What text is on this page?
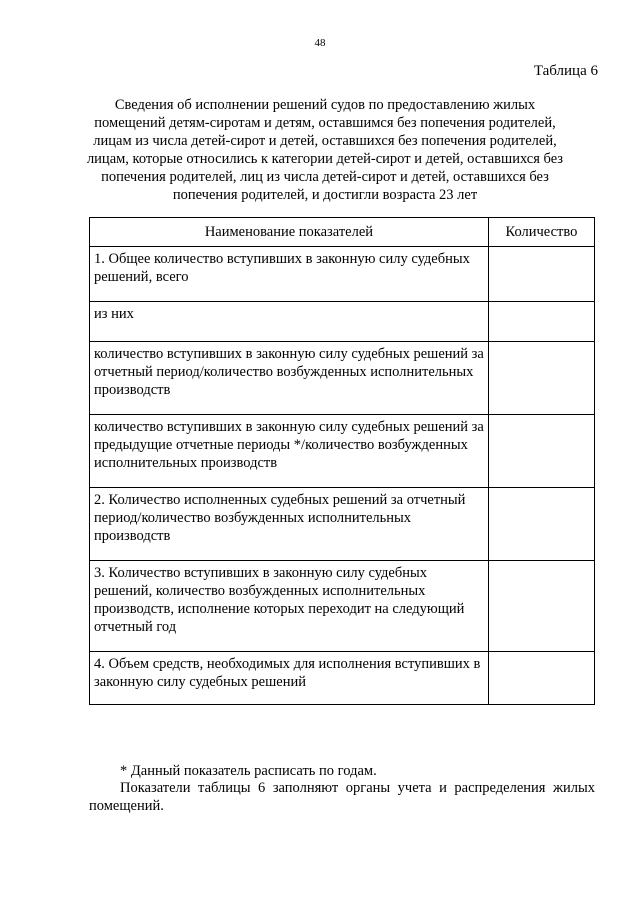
48
Таблица 6
Сведения об исполнении решений судов по предоставлению жилых помещений детям-сиротам и детям, оставшимся без попечения родителей, лицам из числа детей-сирот и детей, оставшихся без попечения родителей, лицам, которые относились к категории детей-сирот и детей, оставшихся без попечения родителей, лиц из числа детей-сирот и детей, оставшихся без попечения родителей, и достигли возраста 23 лет
Наименование показателей	Количество
1. Общее количество вступивших в законную силу судебных решений, всего	
из них	
количество вступивших в законную силу судебных решений за отчетный период/количество возбужденных исполнительных производств	
количество вступивших в законную силу судебных решений за предыдущие отчетные периоды */количество возбужденных исполнительных производств	
2. Количество исполненных судебных решений за отчетный период/количество возбужденных исполнительных производств	
3. Количество вступивших в законную силу судебных решений, количество возбужденных исполнительных производств, исполнение которых переходит на следующий отчетный год	
4. Объем средств, необходимых для исполнения вступивших в законную силу судебных решений	
* Данный показатель расписать по годам.
Показатели таблицы 6 заполняют органы учета и распределения жилых помещений.
